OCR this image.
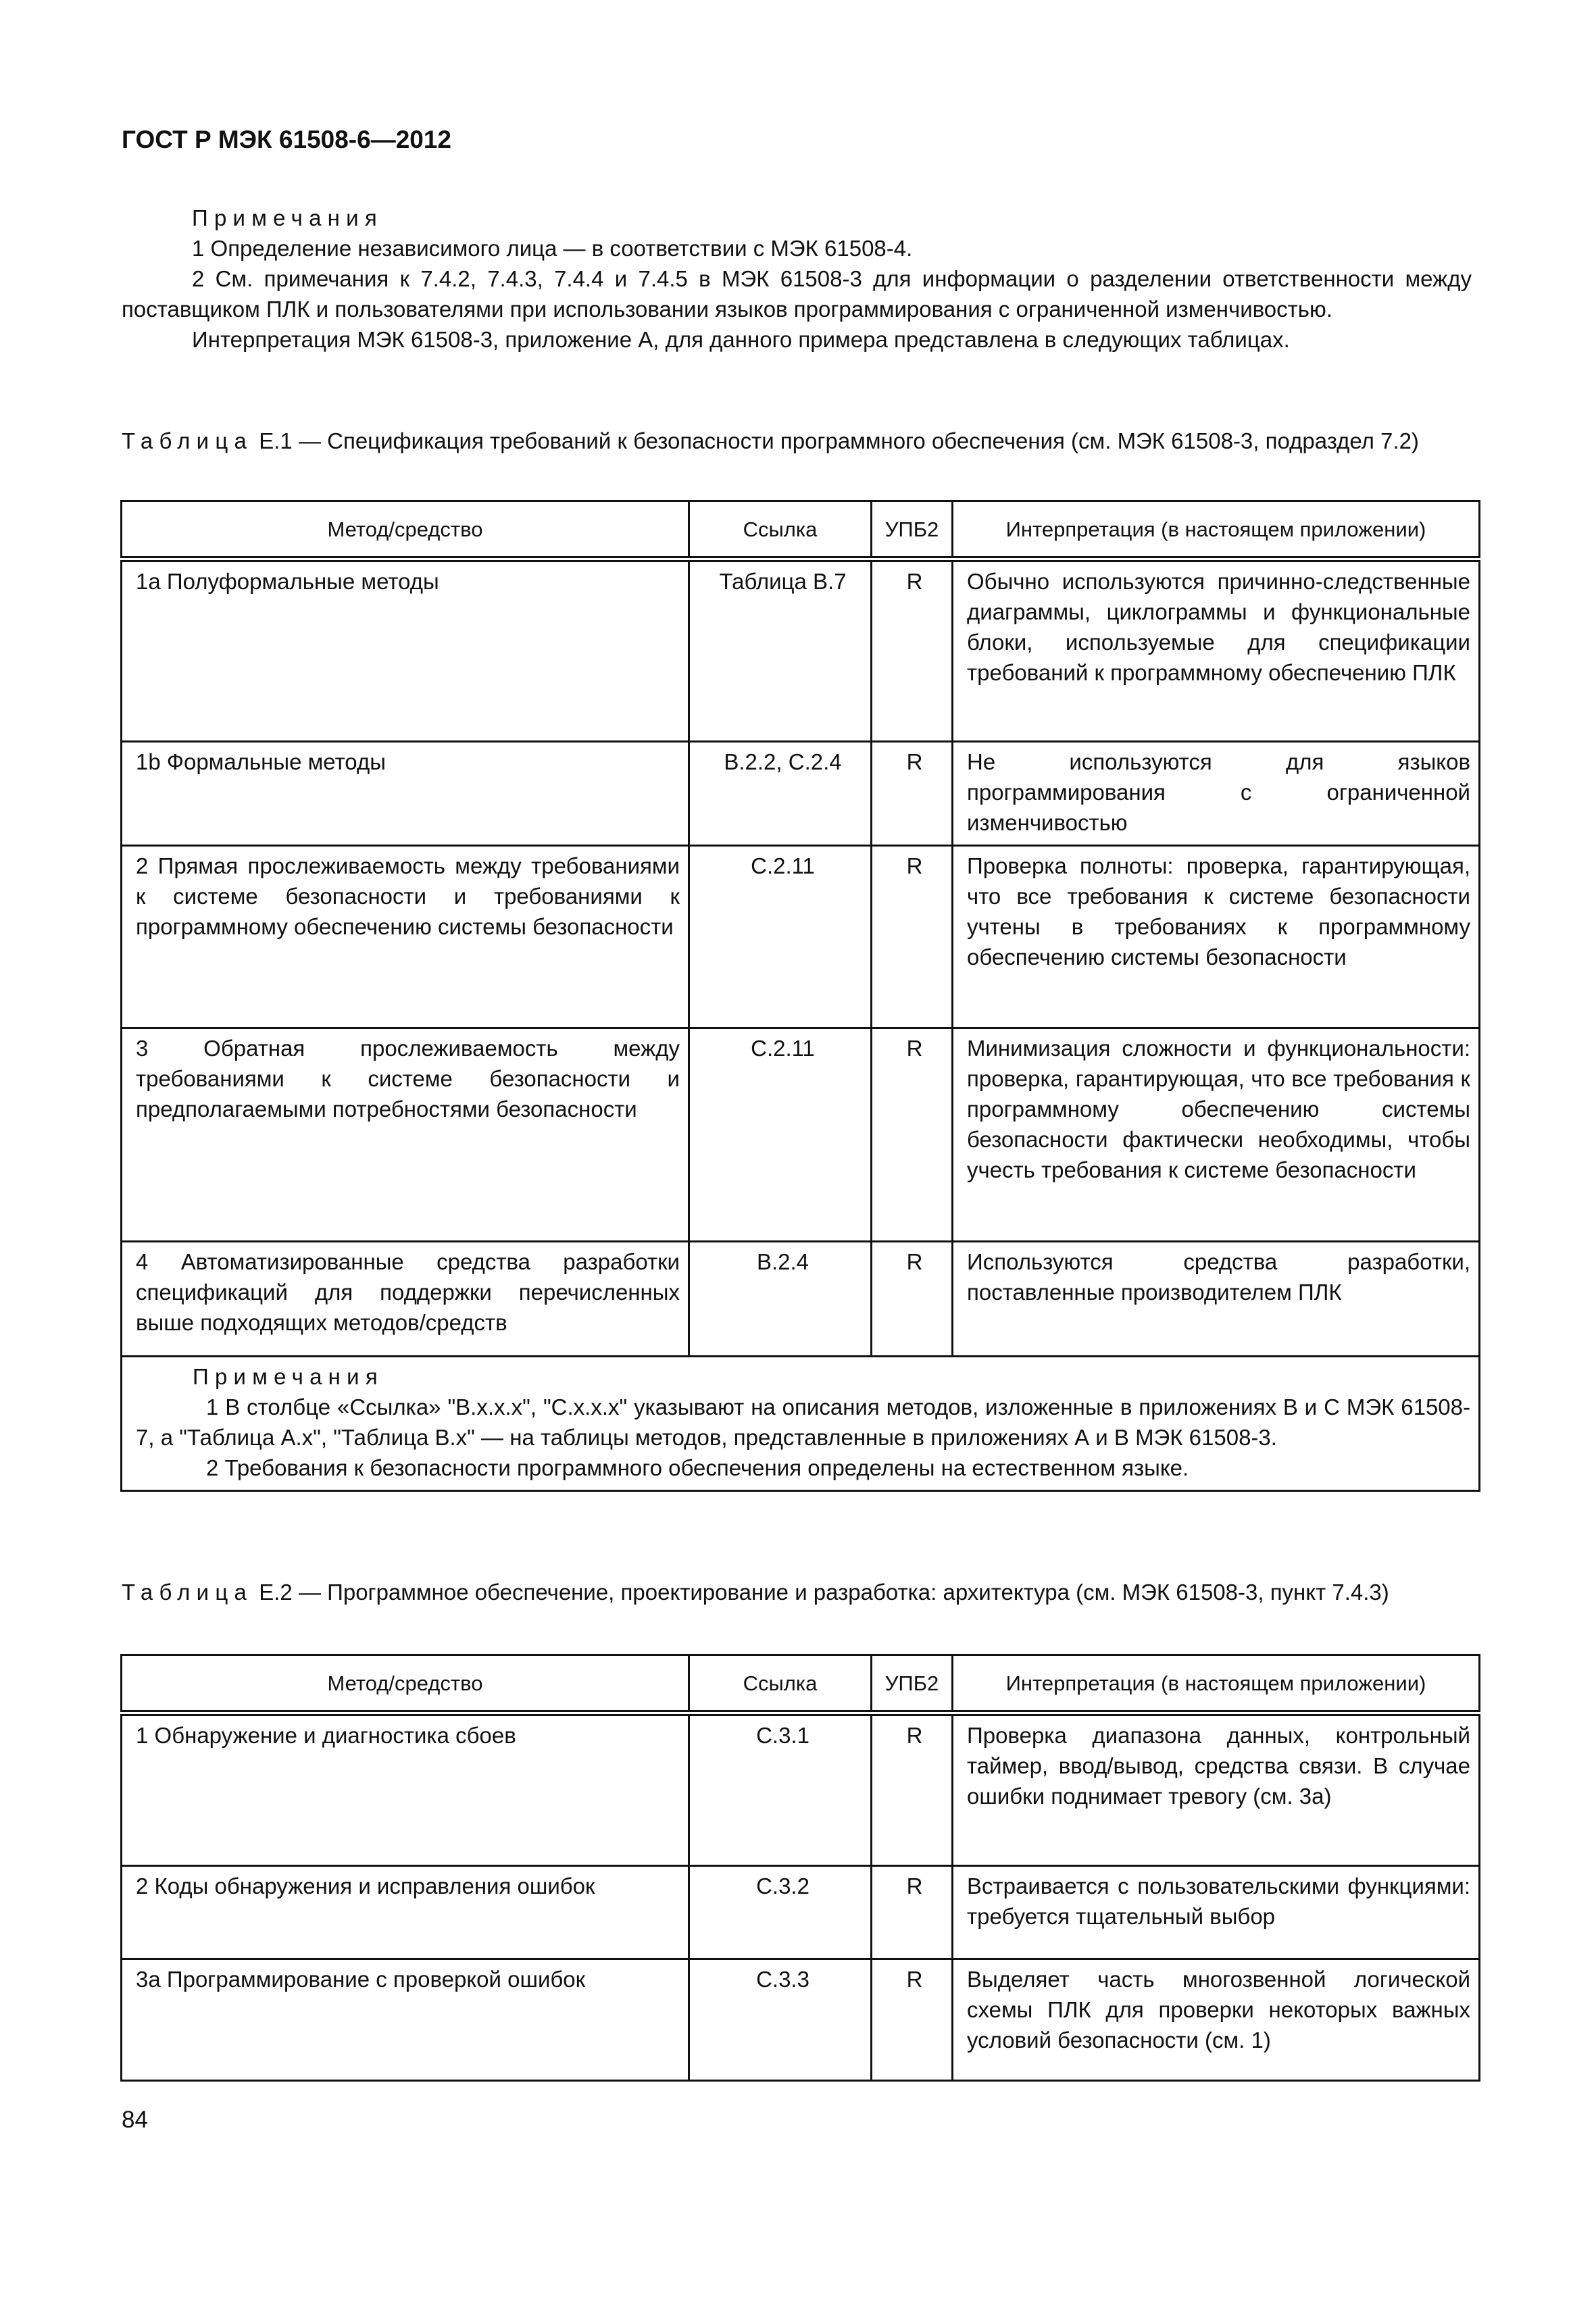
ГОСТ Р МЭК 61508-6—2012

Примечания

1 Определение независимого лица — в соответствии с МЭК 61508-4.

2 См. примечания к 7.4.2, 7.4.3, 7.4.4 и 7.4.5 в МЭК 61508-3 для информации о разделении ответственности между поставщиком ПЛК и пользователями при использовании языков программирования с ограниченной изменчивостью.

Интерпретация МЭК 61508-3, приложение А, для данного примера представлена в следующих таблицах.

Таблица Е.1 — Спецификация требований к безопасности программного обеспечения (см. МЭК 61508-3, подраздел 7.2)
Метод/средство	Ссылка	УПБ2	Интерпретация (в настоящем приложении)
1а Полуформальные методы	Таблица В.7	R	Обычно используются причинно-следственные диаграммы, циклограммы и функциональные блоки, используемые для спецификации требований к программному обеспечению ПЛК
1b Формальные методы	В.2.2, С.2.4	R	Не используются для языков программирования с ограниченной изменчивостью
2 Прямая прослеживаемость между требованиями к системе безопасности и требованиями к программному обеспечению системы безопасности	С.2.11	R	Проверка полноты: проверка, гарантирующая, что все требования к системе безопасности учтены в требованиях к программному обеспечению системы безопасности
3 Обратная прослеживаемость между требованиями к системе безопасности и предполагаемыми потребностями безопасности	С.2.11	R	Минимизация сложности и функциональности: проверка, гарантирующая, что все требования к программному обеспечению системы безопасности фактически необходимы, чтобы учесть требования к системе безопасности
4 Автоматизированные средства разработки спецификаций для поддержки перечисленных выше подходящих методов/средств	В.2.4	R	Используются средства разработки, поставленные производителем ПЛК

Примечания

1 В столбце «Ссылка» "В.х.х.х", "С.х.х.х" указывают на описания методов, изложенные в приложениях В и С МЭК 61508-7, а "Таблица А.х", "Таблица В.х" — на таблицы методов, представленные в приложениях А и В МЭК 61508-3.

2 Требования к безопасности программного обеспечения определены на естественном языке.			

Таблица Е.2 — Программное обеспечение, проектирование и разработка: архитектура (см. МЭК 61508-3, пункт 7.4.3)
Метод/средство	Ссылка	УПБ2	Интерпретация (в настоящем приложении)
1 Обнаружение и диагностика сбоев	С.3.1	R	Проверка диапазона данных, контрольный таймер, ввод/вывод, средства связи. В случае ошибки поднимает тревогу (см. 3а)
2 Коды обнаружения и исправления ошибок	С.3.2	R	Встраивается с пользовательскими функциями: требуется тщательный выбор
3а Программирование с проверкой ошибок	С.3.3	R	Выделяет часть многозвенной логической схемы ПЛК для проверки некоторых важных условий безопасности (см. 1)
84
